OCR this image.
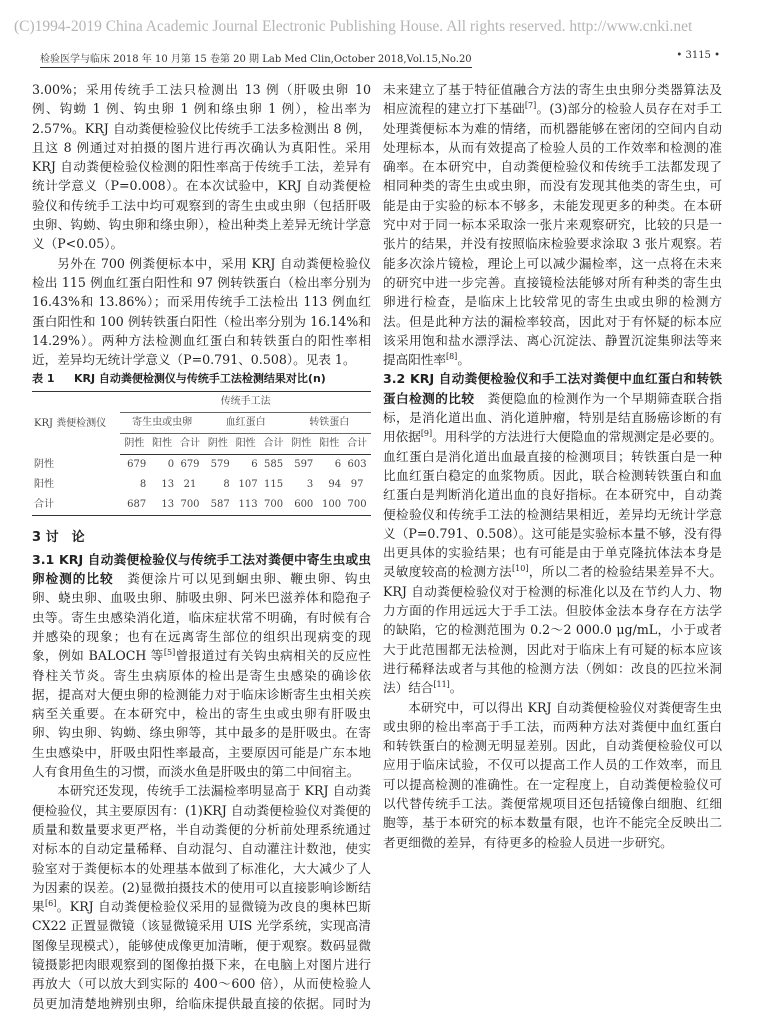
(C)1994-2019 China Academic Journal Electronic Publishing House. All rights reserved. http://www.cnki.net
检验医学与临床 2018 年 10 月第 15 卷第 20 期 Lab Med Clin,October 2018,Vol.15,No.20	• 3115 •

3.00%；采用传统手工法只检测出 13 例（肝吸虫卵 10 例、钩蚴 1 例、钩虫卵 1 例和绦虫卵 1 例），检出率为 2.57%。KRJ 自动粪便检验仪比传统手工法多检测出 8 例，且这 8 例通过对拍摄的图片进行再次确认为真阳性。采用 KRJ 自动粪便检验仪检测的阳性率高于传统手工法，差异有统计学意义（P=0.008）。在本次试验中，KRJ 自动粪便检验仪和传统手工法中均可观察到的寄生虫或虫卵（包括肝吸虫卵、钩蚴、钩虫卵和绦虫卵），检出种类上差异无统计学意义（P<0.05）。

另外在 700 例粪便标本中，采用 KRJ 自动粪便检验仪检出 115 例血红蛋白阳性和 97 例转铁蛋白（检出率分别为 16.43%和 13.86%）；而采用传统手工法检出 113 例血红蛋白阳性和 100 例转铁蛋白阳性（检出率分别为 16.14%和 14.29%）。两种方法检测血红蛋白和转铁蛋白的阳性率相近，差异均无统计学意义（P=0.791、0.508）。见表 1。

表 1 KRJ 自动粪便检测仪与传统手工法检测结果对比(n)
KRJ 粪便检测仪	传统手工法								
	寄生虫或虫卵			血红蛋白			转铁蛋白		
	阴性	阳性	合计	阴性	阳性	合计	阴性	阳性	合计
阴性	679	0	679	579	6	585	597	6	603
阳性	8	13	21	8	107	115	3	94	97
合计	687	13	700	587	113	700	600	100	700
3 讨　论

3.1 KRJ 自动粪便检验仪与传统手工法对粪便中寄生虫或虫卵检测的比较　粪便涂片可以见到蛔虫卵、鞭虫卵、钩虫卵、蛲虫卵、血吸虫卵、肺吸虫卵、阿米巴滋养体和隐孢子虫等。寄生虫感染消化道，临床症状常不明确，有时候有合并感染的现象；也有在远离寄生部位的组织出现病变的现象，例如 BALOCH 等[5]曾报道过有关钩虫病相关的反应性脊柱关节炎。寄生虫病原体的检出是寄生虫感染的确诊依据，提高对大便虫卵的检测能力对于临床诊断寄生虫相关疾病至关重要。在本研究中，检出的寄生虫或虫卵有肝吸虫卵、钩虫卵、钩蚴、绦虫卵等，其中最多的是肝吸虫。在寄生虫感染中，肝吸虫阳性率最高，主要原因可能是广东本地人有食用鱼生的习惯，而淡水鱼是肝吸虫的第二中间宿主。

本研究还发现，传统手工法漏检率明显高于 KRJ 自动粪便检验仪，其主要原因有：(1)KRJ 自动粪便检验仪对粪便的质量和数量要求更严格，半自动粪便的分析前处理系统通过对标本的自动定量稀释、自动混匀、自动灌注计数池，使实验室对于粪便标本的处理基本做到了标准化，大大减少了人为因素的误差。(2)显微拍摄技术的使用可以直接影响诊断结果[6]。KRJ 自动粪便检验仪采用的显微镜为改良的奥林巴斯 CX22 正置显微镜（该显微镜采用 UIS 光学系统，实现高清图像呈现模式），能够使成像更加清晰，便于观察。数码显微镜摄影把肉眼观察到的图像拍摄下来，在电脑上对图片进行再放大（可以放大到实际的 400～600 倍），从而使检验人员更加清楚地辨别虫卵，给临床提供最直接的依据。同时为未来建立了基于特征值融合方法的寄生虫虫卵分类器算法及相应流程的建立打下基础[7]。(3)部分的检验人员存在对手工处理粪便标本为难的情绪，而机器能够在密闭的空间内自动处理标本，从而有效提高了检验人员的工作效率和检测的准确率。在本研究中，自动粪便检验仪和传统手工法都发现了相同种类的寄生虫或虫卵，而没有发现其他类的寄生虫，可能是由于实验的标本不够多，未能发现更多的种类。在本研究中对于同一标本采取涂一张片来观察研究，比较的只是一张片的结果，并没有按照临床检验要求涂取 3 张片观察。若能多次涂片镜检，理论上可以减少漏检率，这一点将在未来的研究中进一步完善。直接镜检法能够对所有种类的寄生虫卵进行检查，是临床上比较常见的寄生虫或虫卵的检测方法。但是此种方法的漏检率较高，因此对于有怀疑的标本应该采用饱和盐水漂浮法、离心沉淀法、静置沉淀集卵法等来提高阳性率[8]。

3.2 KRJ 自动粪便检验仪和手工法对粪便中血红蛋白和转铁蛋白检测的比较　粪便隐血的检测作为一个早期筛查联合指标，是消化道出血、消化道肿瘤，特别是结直肠癌诊断的有用依据[9]。用科学的方法进行大便隐血的常规测定是必要的。血红蛋白是消化道出血最直接的检测项目；转铁蛋白是一种比血红蛋白稳定的血浆物质。因此，联合检测转铁蛋白和血红蛋白是判断消化道出血的良好指标。在本研究中，自动粪便检验仪和传统手工法的检测结果相近，差异均无统计学意义（P=0.791、0.508）。这可能是实验标本量不够，没有得出更具体的实验结果；也有可能是由于单克隆抗体法本身是灵敏度较高的检测方法[10]，所以二者的检验结果差异不大。KRJ 自动粪便检验仪对于检测的标准化以及在节约人力、物力方面的作用远远大于手工法。但胶体金法本身存在方法学的缺陷，它的检测范围为 0.2～2 000.0 μg/mL，小于或者大于此范围都无法检测，因此对于临床上有可疑的标本应该进行稀释法或者与其他的检测方法（例如：改良的匹拉米洞法）结合[11]。

本研究中，可以得出 KRJ 自动粪便检验仪对粪便寄生虫或虫卵的检出率高于手工法，而两种方法对粪便中血红蛋白和转铁蛋白的检测无明显差别。因此，自动粪便检验仪可以应用于临床试验，不仅可以提高工作人员的工作效率，而且可以提高检测的准确性。在一定程度上，自动粪便检验仪可以代替传统手工法。粪便常规项目还包括镜像白细胞、红细胞等，基于本研究的标本数量有限，也许不能完全反映出二者更细微的差异，有待更多的检验人员进一步研究。
